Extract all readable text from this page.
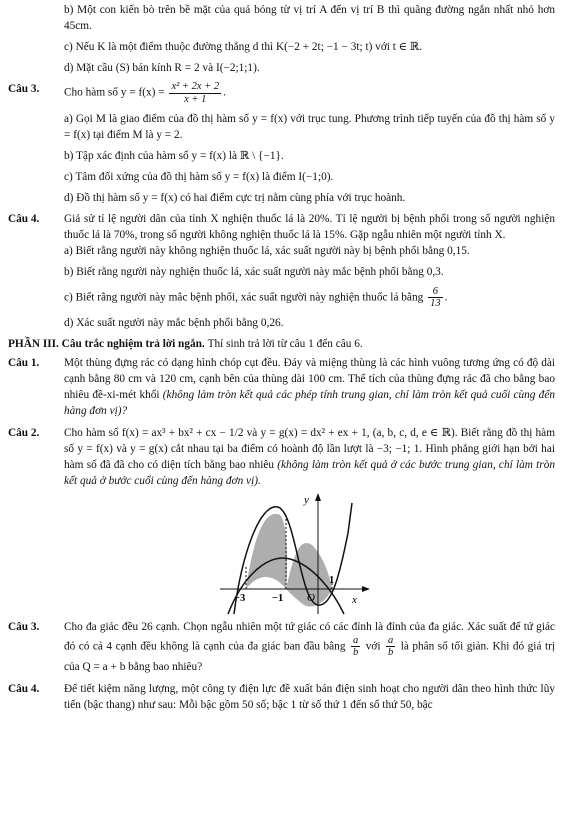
b) Một con kiến bò trên bề mặt của quả bóng từ vị trí A đến vị trí B thì quãng đường ngắn nhất nhỏ hơn 45cm.
c) Nếu K là một điểm thuộc đường thẳng d thì K(−2 + 2t; −1 − 3t; t) với t ∈ ℝ.
d) Mặt cầu (S) bán kính R = 2 và I(−2;1;1).
Câu 3.	Cho hàm số $y = f(x) = \frac{\text{x² + 2x + 2}}{x + 1}$ .
a) Gọi M là giao điểm của đồ thị hàm số y = f(x) với trục tung. Phương trình tiếp tuyến của đồ thị hàm số y = f(x) tại điểm M là y = 2.
b) Tập xác định của hàm số y = f(x) là ℝ \ {−1}.
c) Tâm đối xứng của đồ thị hàm số y = f(x) là điểm I(−1;0).
d) Đồ thị hàm số y = f(x) có hai điểm cực trị nằm cùng phía với trục hoành.
Câu 4.	Giả sử tỉ lệ người dân của tỉnh X nghiện thuốc lá là 20%. Tỉ lệ người bị bệnh phổi trong số người nghiện thuốc lá là 70%, trong số người không nghiện thuốc lá là 15%. Gặp ngẫu nhiên một người tỉnh X.
a) Biết rằng người này không nghiện thuốc lá, xác suất người này bị bệnh phổi bằng 0,15.
b) Biết rằng người này nghiện thuốc lá, xác suất người này mắc bệnh phổi bằng 0,3.
c) Biết rằng người này mắc bệnh phổi, xác suất người này nghiện thuốc lá bằng $\frac{6}{13}$ .
d) Xác suất người này mắc bệnh phổi bằng 0,26.
PHẦN III. Câu trắc nghiệm trả lời ngắn. Thí sinh trả lời từ câu 1 đến câu 6.
Câu 1.	Một thùng đựng rác có dạng hình chóp cụt đều. Đáy và miệng thùng là các hình vuông tương ứng có độ dài cạnh bằng 80 cm và 120 cm, cạnh bên của thùng dài 100 cm. Thể tích của thùng đựng rác đã cho bằng bao nhiêu đề-xi-mét khối (không làm tròn kết quả các phép tính trung gian, chỉ làm tròn kết quả cuối cùng đến hàng đơn vị)?
Câu 2.	Cho hàm số f(x) = ax³ + bx² + cx − 1/2 và y = g(x) = dx² + ex + 1, (a, b, c, d, e ∈ ℝ). Biết rằng đồ thị hàm số y = f(x) và y = g(x) cắt nhau tại ba điểm có hoành độ lần lượt là −3; −1; 1. Hình phẳng giới hạn bởi hai hàm số đã đã cho có diện tích bằng bao nhiêu (không làm tròn kết quả ở các bước trung gian, chỉ làm tròn kết quả ở bước cuối cùng đến hàng đơn vị).
y
x
−3	−1
1
O
Câu 3.	Cho đa giác đều 26 cạnh. Chọn ngẫu nhiên một tứ giác có các đỉnh là đỉnh của đa giác. Xác suất để tứ giác đó có cả 4 cạnh đều không là cạnh của đa giác ban đầu bằng $\frac{a}{b}$ với $\frac{a}{b}$ là phân số tối giản. Khi đó giá trị của Q = a + b bằng bao nhiêu?
Câu 4.	Để tiết kiệm năng lượng, một công ty điện lực đề xuất bán điện sinh hoạt cho người dân theo hình thức lũy tiến (bậc thang) như sau: Mỗi bậc gồm 50 số; bậc 1 từ số thứ 1 đến số thứ 50, bậc
